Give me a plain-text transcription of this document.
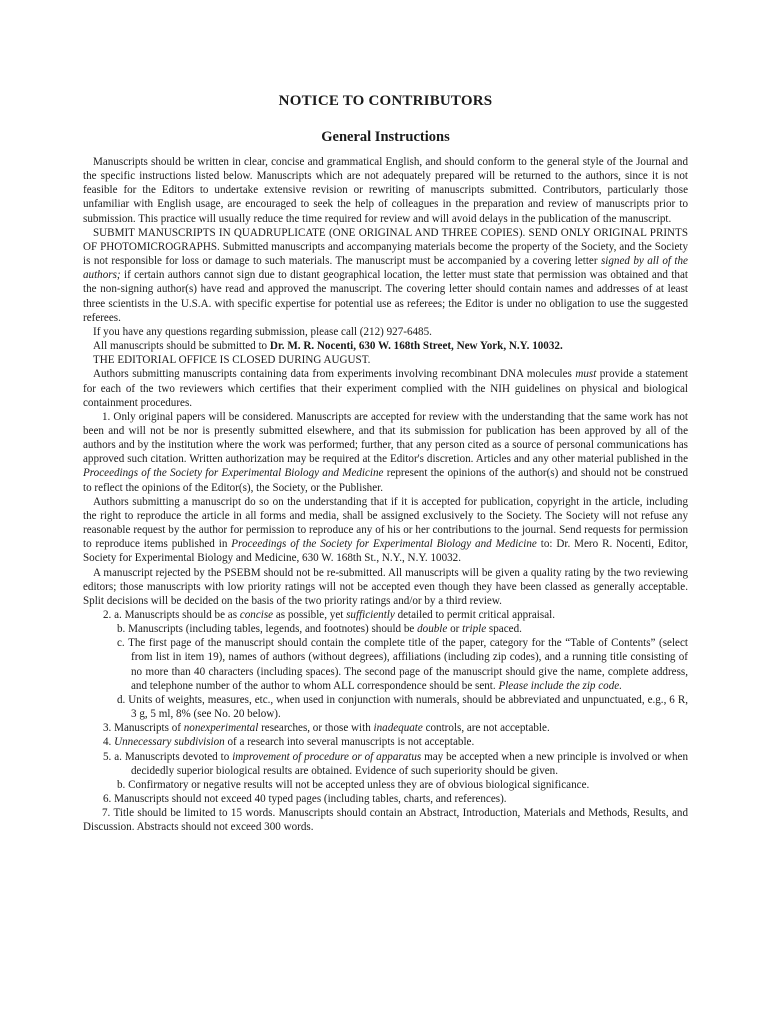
NOTICE TO CONTRIBUTORS
General Instructions

Manuscripts should be written in clear, concise and grammatical English, and should conform to the general style of the Journal and the specific instructions listed below. Manuscripts which are not adequately prepared will be returned to the authors, since it is not feasible for the Editors to undertake extensive revision or rewriting of manuscripts submitted. Contributors, particularly those unfamiliar with English usage, are encouraged to seek the help of colleagues in the preparation and review of manuscripts prior to submission. This practice will usually reduce the time required for review and will avoid delays in the publication of the manuscript.

SUBMIT MANUSCRIPTS IN QUADRUPLICATE (ONE ORIGINAL AND THREE COPIES). SEND ONLY ORIGINAL PRINTS OF PHOTOMICROGRAPHS. Submitted manuscripts and accompanying materials become the property of the Society, and the Society is not responsible for loss or damage to such materials. The manuscript must be accompanied by a covering letter signed by all of the authors; if certain authors cannot sign due to distant geographical location, the letter must state that permission was obtained and that the non-signing author(s) have read and approved the manuscript. The covering letter should contain names and addresses of at least three scientists in the U.S.A. with specific expertise for potential use as referees; the Editor is under no obligation to use the suggested referees.

If you have any questions regarding submission, please call (212) 927-6485.

All manuscripts should be submitted to Dr. M. R. Nocenti, 630 W. 168th Street, New York, N.Y. 10032.

THE EDITORIAL OFFICE IS CLOSED DURING AUGUST.

Authors submitting manuscripts containing data from experiments involving recombinant DNA molecules must provide a statement for each of the two reviewers which certifies that their experiment complied with the NIH guidelines on physical and biological containment procedures.

1. Only original papers will be considered. Manuscripts are accepted for review with the understanding that the same work has not been and will not be nor is presently submitted elsewhere, and that its submission for publication has been approved by all of the authors and by the institution where the work was performed; further, that any person cited as a source of personal communications has approved such citation. Written authorization may be required at the Editor's discretion. Articles and any other material published in the Proceedings of the Society for Experimental Biology and Medicine represent the opinions of the author(s) and should not be construed to reflect the opinions of the Editor(s), the Society, or the Publisher.

Authors submitting a manuscript do so on the understanding that if it is accepted for publication, copyright in the article, including the right to reproduce the article in all forms and media, shall be assigned exclusively to the Society. The Society will not refuse any reasonable request by the author for permission to reproduce any of his or her contributions to the journal. Send requests for permission to reproduce items published in Proceedings of the Society for Experimental Biology and Medicine to: Dr. Mero R. Nocenti, Editor, Society for Experimental Biology and Medicine, 630 W. 168th St., N.Y., N.Y. 10032.

A manuscript rejected by the PSEBM should not be re-submitted. All manuscripts will be given a quality rating by the two reviewing editors; those manuscripts with low priority ratings will not be accepted even though they have been classed as generally acceptable. Split decisions will be decided on the basis of the two priority ratings and/or by a third review.

2. a. Manuscripts should be as concise as possible, yet sufficiently detailed to permit critical appraisal.

b. Manuscripts (including tables, legends, and footnotes) should be double or triple spaced.

c. The first page of the manuscript should contain the complete title of the paper, category for the “Table of Contents” (select from list in item 19), names of authors (without degrees), affiliations (including zip codes), and a running title consisting of no more than 40 characters (including spaces). The second page of the manuscript should give the name, complete address, and telephone number of the author to whom ALL correspondence should be sent. Please include the zip code.

d. Units of weights, measures, etc., when used in conjunction with numerals, should be abbreviated and unpunctuated, e.g., 6 R, 3 g, 5 ml, 8% (see No. 20 below).

3. Manuscripts of nonexperimental researches, or those with inadequate controls, are not acceptable.

4. Unnecessary subdivision of a research into several manuscripts is not acceptable.

5. a. Manuscripts devoted to improvement of procedure or of apparatus may be accepted when a new principle is involved or when decidedly superior biological results are obtained. Evidence of such superiority should be given.

b. Confirmatory or negative results will not be accepted unless they are of obvious biological significance.

6. Manuscripts should not exceed 40 typed pages (including tables, charts, and references).

7. Title should be limited to 15 words. Manuscripts should contain an Abstract, Introduction, Materials and Methods, Results, and Discussion. Abstracts should not exceed 300 words.
